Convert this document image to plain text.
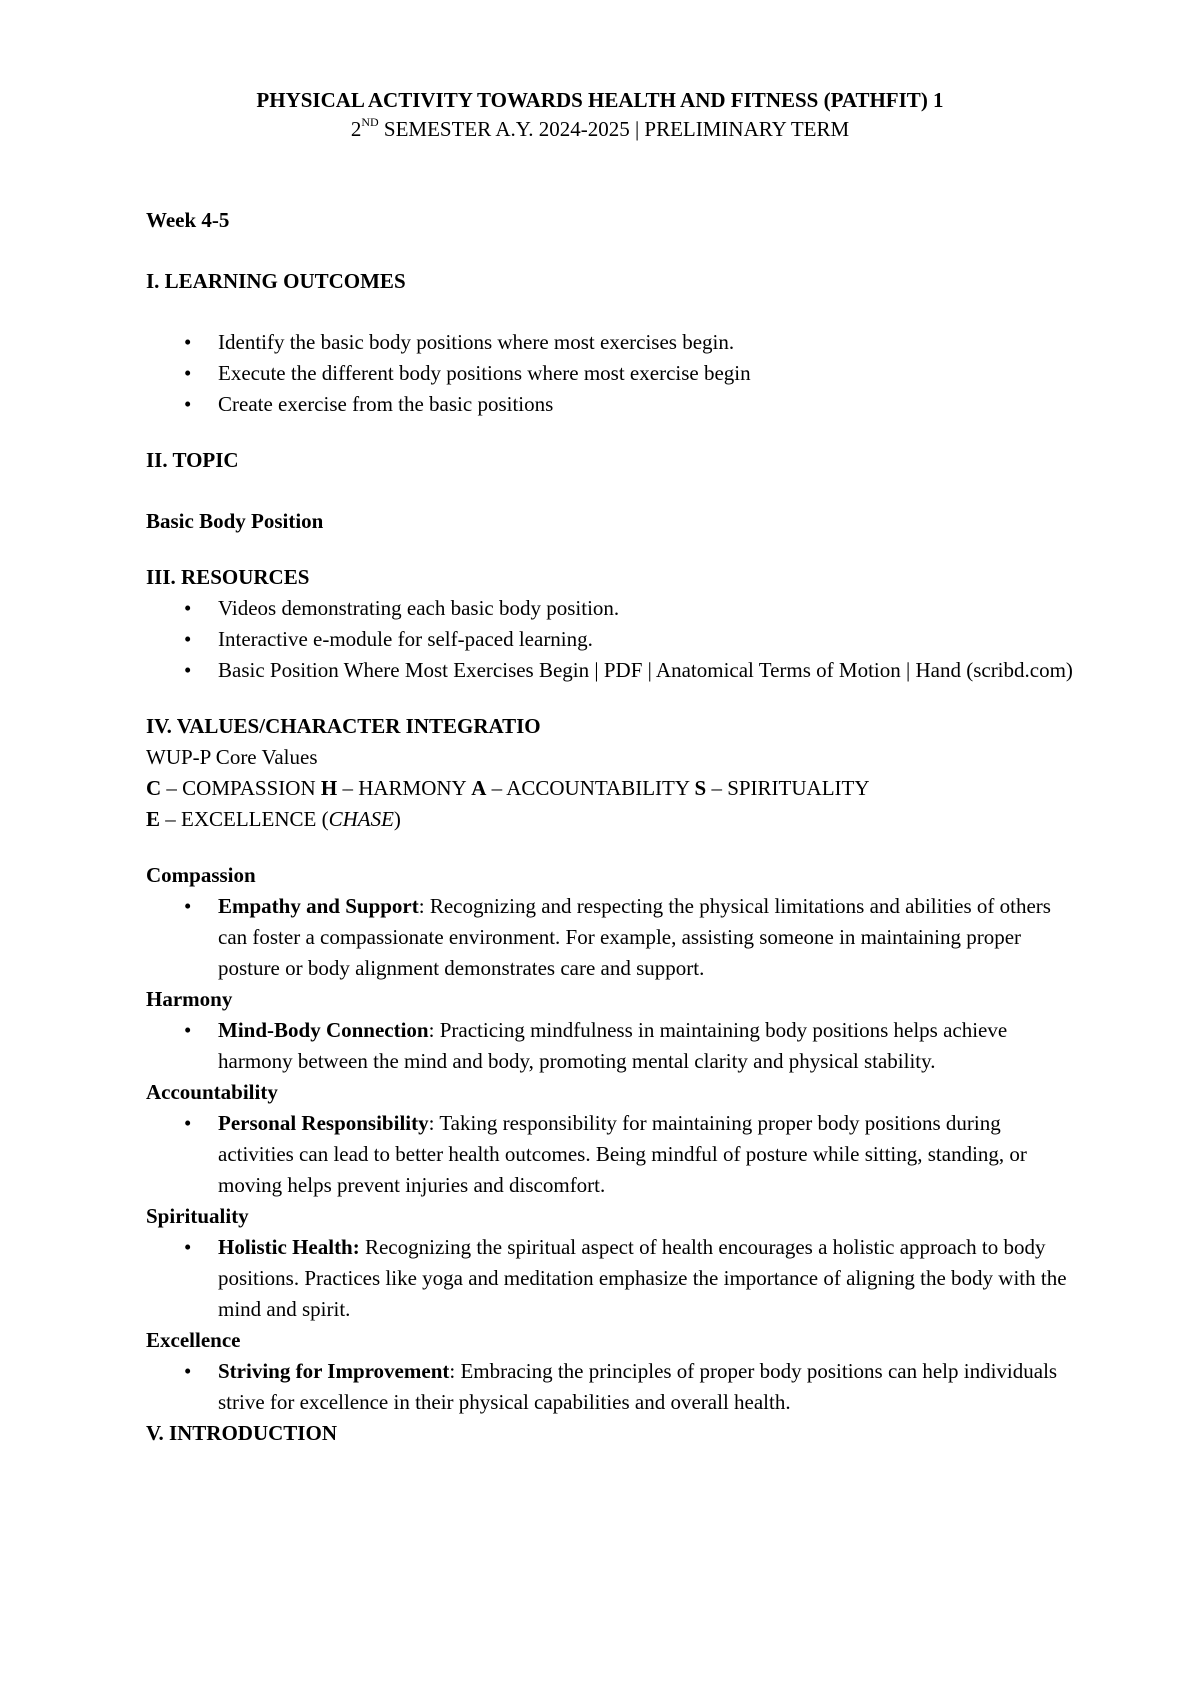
PHYSICAL ACTIVITY TOWARDS HEALTH AND FITNESS (PATHFIT) 1
2ND SEMESTER A.Y. 2024-2025 | PRELIMINARY TERM

Week 4-5

I. LEARNING OUTCOMES

• Identify the basic body positions where most exercises begin.
• Execute the different body positions where most exercise begin
• Create exercise from the basic positions

II. TOPIC

Basic Body Position

III. RESOURCES

• Videos demonstrating each basic body position.
• Interactive e-module for self-paced learning.
• Basic Position Where Most Exercises Begin | PDF | Anatomical Terms of Motion | Hand (scribd.com)

IV. VALUES/CHARACTER INTEGRATIO

WUP-P Core Values

C – COMPASSION H – HARMONY A – ACCOUNTABILITY S – SPIRITUALITY

E – EXCELLENCE (CHASE)

Compassion

• Empathy and Support: Recognizing and respecting the physical limitations and abilities of others can foster a compassionate environment. For example, assisting someone in maintaining proper posture or body alignment demonstrates care and support.

Harmony

• Mind-Body Connection: Practicing mindfulness in maintaining body positions helps achieve harmony between the mind and body, promoting mental clarity and physical stability.

Accountability

• Personal Responsibility: Taking responsibility for maintaining proper body positions during activities can lead to better health outcomes. Being mindful of posture while sitting, standing, or moving helps prevent injuries and discomfort.

Spirituality

• Holistic Health: Recognizing the spiritual aspect of health encourages a holistic approach to body positions. Practices like yoga and meditation emphasize the importance of aligning the body with the mind and spirit.

Excellence

• Striving for Improvement: Embracing the principles of proper body positions can help individuals strive for excellence in their physical capabilities and overall health.

V. INTRODUCTION
